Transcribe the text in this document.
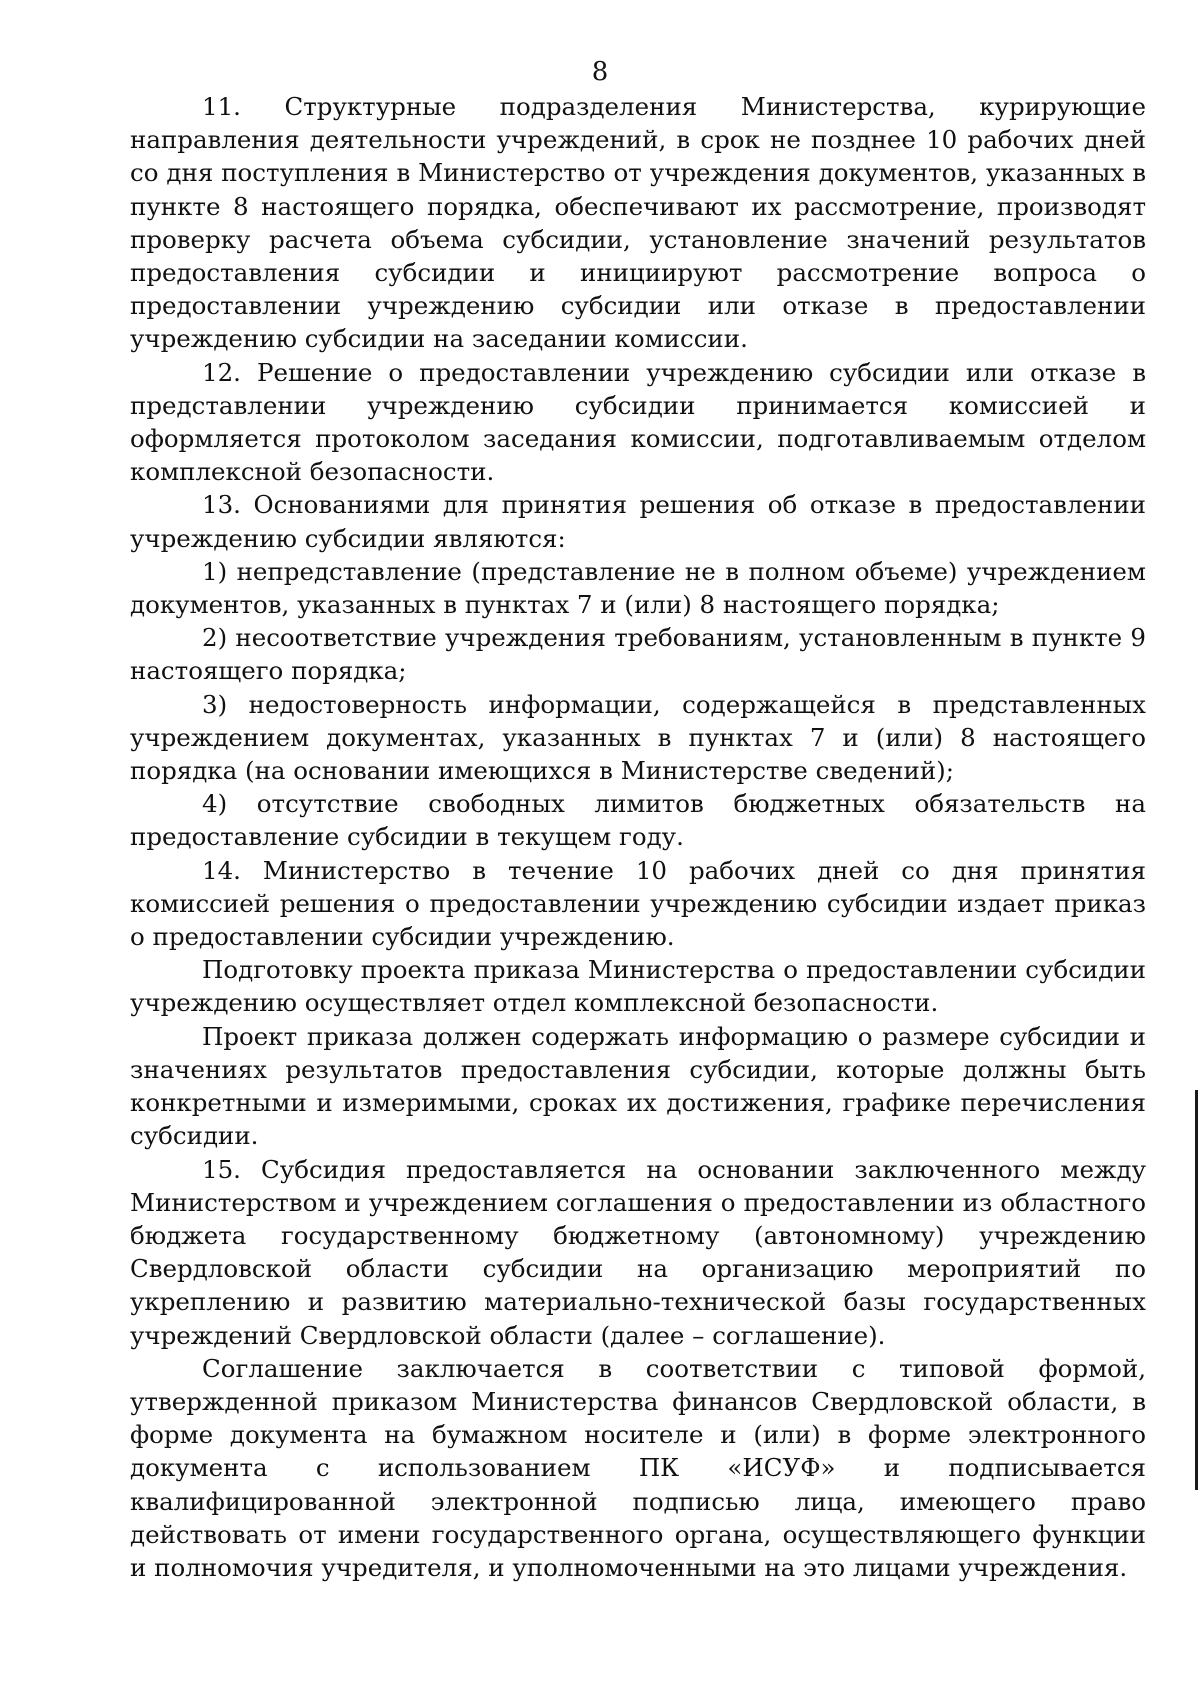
8

11. Структурные подразделения Министерства, курирующие направления деятельности учреждений, в срок не позднее 10 рабочих дней со дня поступления в Министерство от учреждения документов, указанных в пункте 8 настоящего порядка, обеспечивают их рассмотрение, производят проверку расчета объема субсидии, установление значений результатов предоставления субсидии и инициируют рассмотрение вопроса о предоставлении учреждению субсидии или отказе в предоставлении учреждению субсидии на заседании комиссии.

12. Решение о предоставлении учреждению субсидии или отказе в представлении учреждению субсидии принимается комиссией и оформляется протоколом заседания комиссии, подготавливаемым отделом комплексной безопасности.

13. Основаниями для принятия решения об отказе в предоставлении учреждению субсидии являются:

1) непредставление (представление не в полном объеме) учреждением документов, указанных в пунктах 7 и (или) 8 настоящего порядка;

2) несоответствие учреждения требованиям, установленным в пункте 9 настоящего порядка;

3) недостоверность информации, содержащейся в представленных учреждением документах, указанных в пунктах 7 и (или) 8 настоящего порядка (на основании имеющихся в Министерстве сведений);

4) отсутствие свободных лимитов бюджетных обязательств на предоставление субсидии в текущем году.

14. Министерство в течение 10 рабочих дней со дня принятия комиссией решения о предоставлении учреждению субсидии издает приказ о предоставлении субсидии учреждению.

Подготовку проекта приказа Министерства о предоставлении субсидии учреждению осуществляет отдел комплексной безопасности.

Проект приказа должен содержать информацию о размере субсидии и значениях результатов предоставления субсидии, которые должны быть конкретными и измеримыми, сроках их достижения, графике перечисления субсидии.

15. Субсидия предоставляется на основании заключенного между Министерством и учреждением соглашения о предоставлении из областного бюджета государственному бюджетному (автономному) учреждению Свердловской области субсидии на организацию мероприятий по укреплению и развитию материально-технической базы государственных учреждений Свердловской области (далее – соглашение).

Соглашение заключается в соответствии с типовой формой, утвержденной приказом Министерства финансов Свердловской области, в форме документа на бумажном носителе и (или) в форме электронного документа с использованием ПК «ИСУФ» и подписывается квалифицированной электронной подписью лица, имеющего право действовать от имени государственного органа, осуществляющего функции и полномочия учредителя, и уполномоченными на это лицами учреждения.
